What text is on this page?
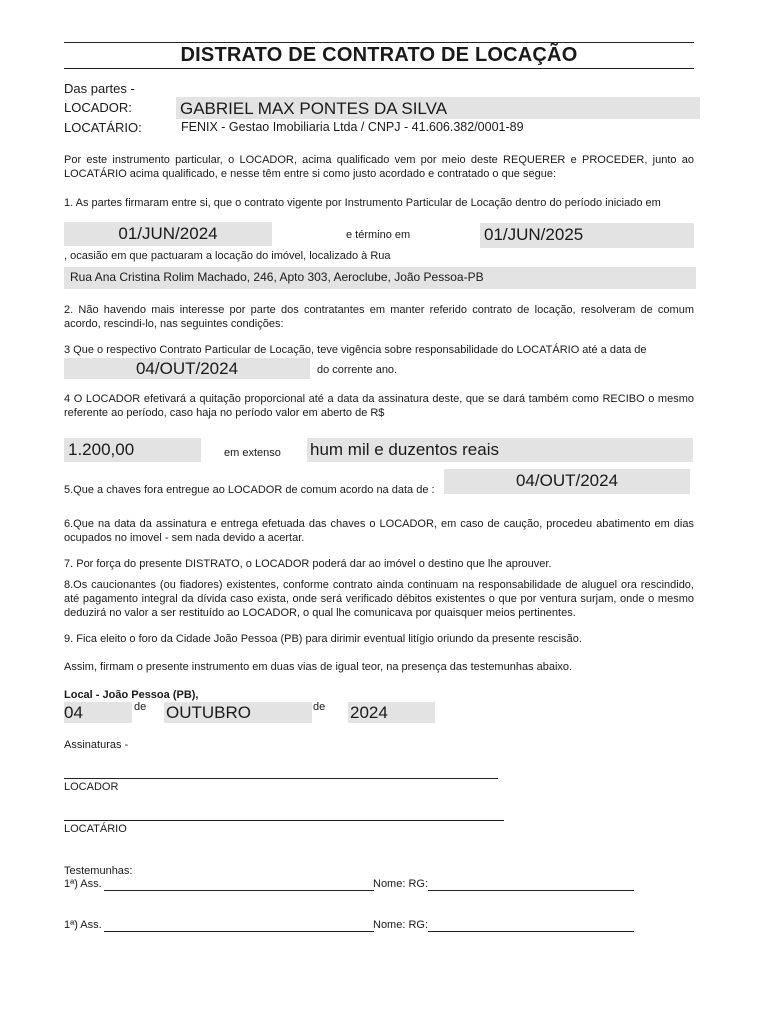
DISTRATO DE CONTRATO DE LOCAÇÃO
Das partes -
LOCADOR:	GABRIEL MAX PONTES DA SILVA
LOCATÁRIO:	FENIX - Gestao Imobiliaria Ltda / CNPJ - 41.606.382/0001-89
Por este instrumento particular, o LOCADOR, acima qualificado vem por meio deste REQUERER e PROCEDER, junto ao LOCATÁRIO acima qualificado, e nesse têm entre si como justo acordado e contratado o que segue:
1. As partes firmaram entre si, que o contrato vigente por Instrumento Particular de Locação dentro do período iniciado em
01/JUN/2024	e término em	01/JUN/2025
, ocasião em que pactuaram a locação do imóvel, localizado à Rua
Rua Ana Cristina Rolim Machado, 246, Apto 303, Aeroclube, João Pessoa-PB
2. Não havendo mais interesse por parte dos contratantes em manter referido contrato de locação, resolveram de comum acordo, rescindi-lo, nas seguintes condições:
3 Que o respectivo Contrato Particular de Locação, teve vigência sobre responsabilidade do LOCATÁRIO até a data de
04/OUT/2024	do corrente ano.
4 O LOCADOR efetivará a quitação proporcional até a data da assinatura deste, que se dará também como RECIBO o mesmo referente ao período, caso haja no período valor em aberto de R$
1.200,00	em extenso hum mil e duzentos reais
5.Que a chaves fora entregue ao LOCADOR de comum acordo na data de :	04/OUT/2024
6.Que na data da assinatura e entrega efetuada das chaves o LOCADOR, em caso de caução, procedeu abatimento em dias ocupados no imovel - sem nada devido a acertar.
7. Por força do presente DISTRATO, o LOCADOR poderá dar ao imóvel o destino que lhe aprouver.
8.Os caucionantes (ou fiadores) existentes, conforme contrato ainda continuam na responsabilidade de aluguel ora rescindido, até pagamento integral da dívida caso exista, onde será verificado débitos existentes o que por ventura surjam, onde o mesmo deduzirá no valor a ser restituído ao LOCADOR, o qual lhe comunicava por quaisquer meios pertinentes.
9. Fica eleito o foro da Cidade João Pessoa (PB) para dirimir eventual litígio oriundo da presente rescisão.
Assim, firmam o presente instrumento em duas vias de igual teor, na presença das testemunhas abaixo.
Local - João Pessoa (PB),
04	de OUTUBRO	de 2024
Assinaturas -
LOCADOR
LOCATÁRIO
Testemunhas:
1ª) Ass.	Nome: RG:
1ª) Ass.	Nome: RG:
